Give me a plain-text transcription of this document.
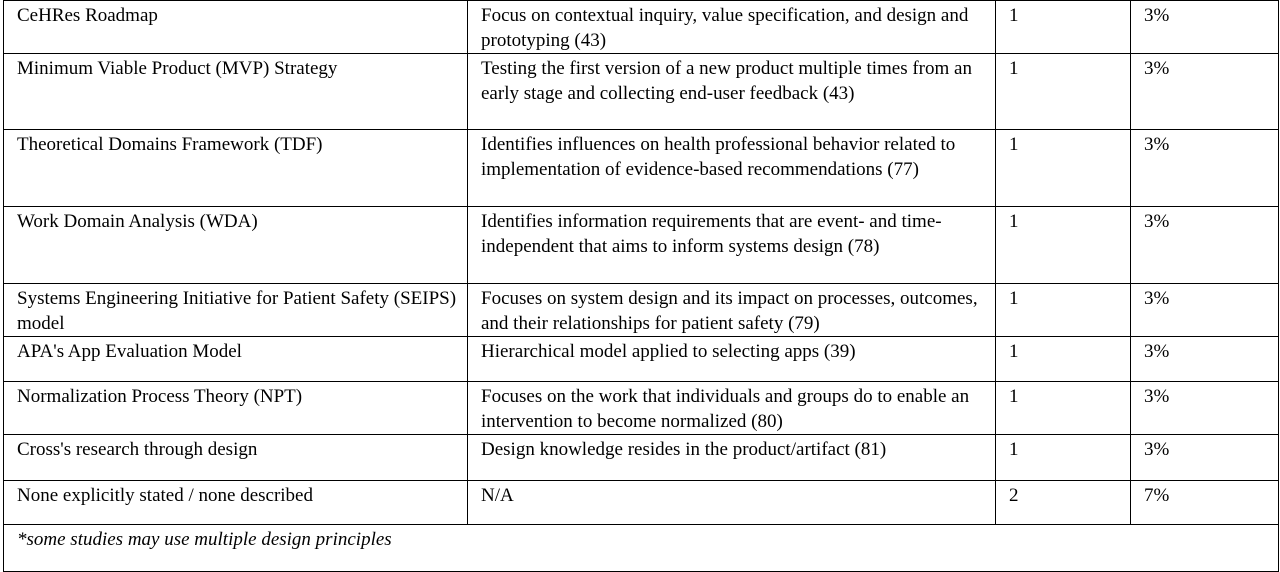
CeHRes Roadmap	Focus on contextual inquiry, value specification, and design and prototyping (43)	1	3%
Minimum Viable Product (MVP) Strategy	Testing the first version of a new product multiple times from an early stage and collecting end-user feedback (43)	1	3%
Theoretical Domains Framework (TDF)	Identifies influences on health professional behavior related to implementation of evidence-based recommendations (77)	1	3%
Work Domain Analysis (WDA)	Identifies information requirements that are event- and time-independent that aims to inform systems design (78)	1	3%
Systems Engineering Initiative for Patient Safety (SEIPS) model	Focuses on system design and its impact on processes, outcomes, and their relationships for patient safety (79)	1	3%
APA's App Evaluation Model	Hierarchical model applied to selecting apps (39)	1	3%
Normalization Process Theory (NPT)	Focuses on the work that individuals and groups do to enable an intervention to become normalized (80)	1	3%
Cross's research through design	Design knowledge resides in the product/artifact (81)	1	3%
None explicitly stated / none described	N/A	2	7%
*some studies may use multiple design principles			
